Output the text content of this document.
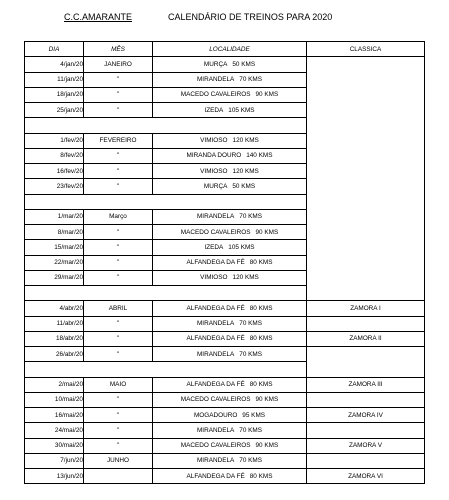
C.C.AMARANTE	CALENDÁRIO DE TREINOS PARA 2020
DIA	MÊS	LOCALIDADE	CLASSICA
4/jan/20	JANEIRO	MURÇA 50 KMS	
11/jan/20	"	MIRANDELA 70 KMS	
18/jan/20	"	MACEDO CAVALEIROS 90 KMS	
25/jan/20	"	IZEDA 105 KMS	

1/fev/20	FEVEREIRO	VIMIOSO 120 KMS	
8/fev/20	"	MIRANDA DOURO 140 KMS	
16/fev/20	"	VIMIOSO 120 KMS	
23/fev/20	"	MURÇA 50 KMS	

1/mar/20	Março	MIRANDELA 70 KMS	
8/mar/20	"	MACEDO CAVALEIROS 90 KMS	
15/mar/20	"	IZEDA 105 KMS	
22/mar/20	"	ALFANDEGA DA FÉ 80 KMS	
29/mar/20	"	VIMIOSO 120 KMS	

4/abr/20	ABRIL	ALFANDEGA DA FÉ 80 KMS	ZAMORA I
11/abr/20	"	MIRANDELA 70 KMS	
18/abr/20	"	ALFANDEGA DA FÉ 80 KMS	ZAMORA II
26/abr/20	"	MIRANDELA 70 KMS	

2/mai/20	MAIO	ALFANDEGA DA FÉ 80 KMS	ZAMORA III
10/mai/20	"	MACEDO CAVALEIROS 90 KMS	
16/mai/20	"	MOGADOURO 95 KMS	ZAMORA IV
24/mai/20	"	MIRANDELA 70 KMS	
30/mai/20	"	MACEDO CAVALEIROS 90 KMS	ZAMORA V
7/jun/20	JUNHO	MIRANDELA 70 KMS	
13/jun/20		ALFANDEGA DA FÉ 80 KMS	ZAMORA VI
